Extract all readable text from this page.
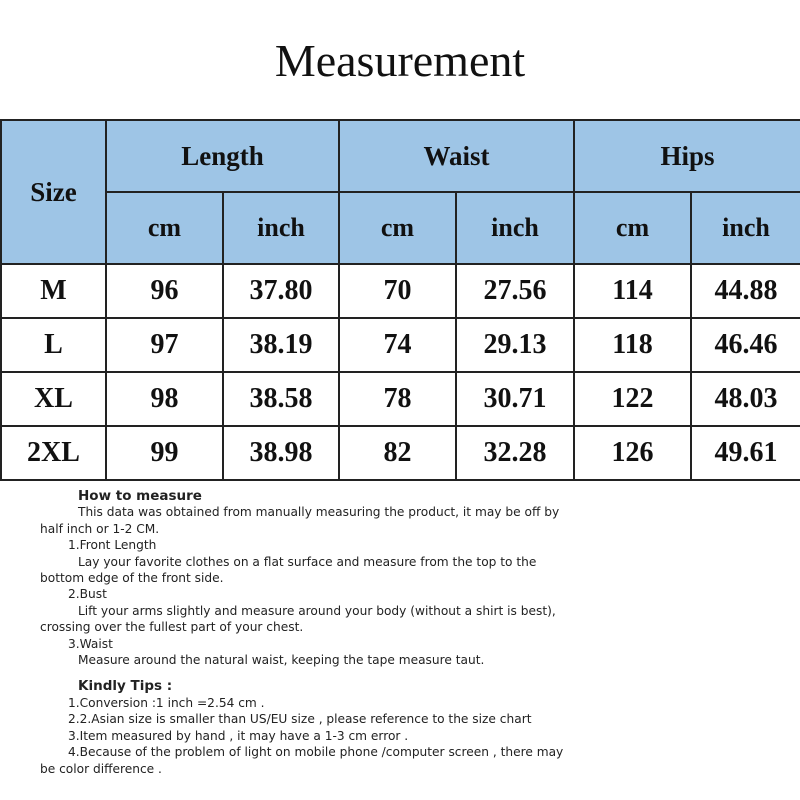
Measurement
Size	Length		Waist		Hips	
	cm	inch	cm	inch	cm	inch
M	96	37.80	70	27.56	114	44.88
L	97	38.19	74	29.13	118	46.46
XL	98	38.58	78	30.71	122	48.03
2XL	99	38.98	82	32.28	126	49.61
How to measure
This data was obtained from manually measuring the product, it may be off by
half inch or 1-2 CM.
1.Front Length
Lay your favorite clothes on a flat surface and measure from the top to the
bottom edge of the front side.
2.Bust
Lift your arms slightly and measure around your body (without a shirt is best),
crossing over the fullest part of your chest.
3.Waist
Measure around the natural waist, keeping the tape measure taut.
Kindly Tips :
1.Conversion :1 inch =2.54 cm .
2.2.Asian size is smaller than US/EU size , please reference to the size chart
3.Item measured by hand , it may have a 1-3 cm error .
4.Because of the problem of light on mobile phone /computer screen , there may
be color difference .
